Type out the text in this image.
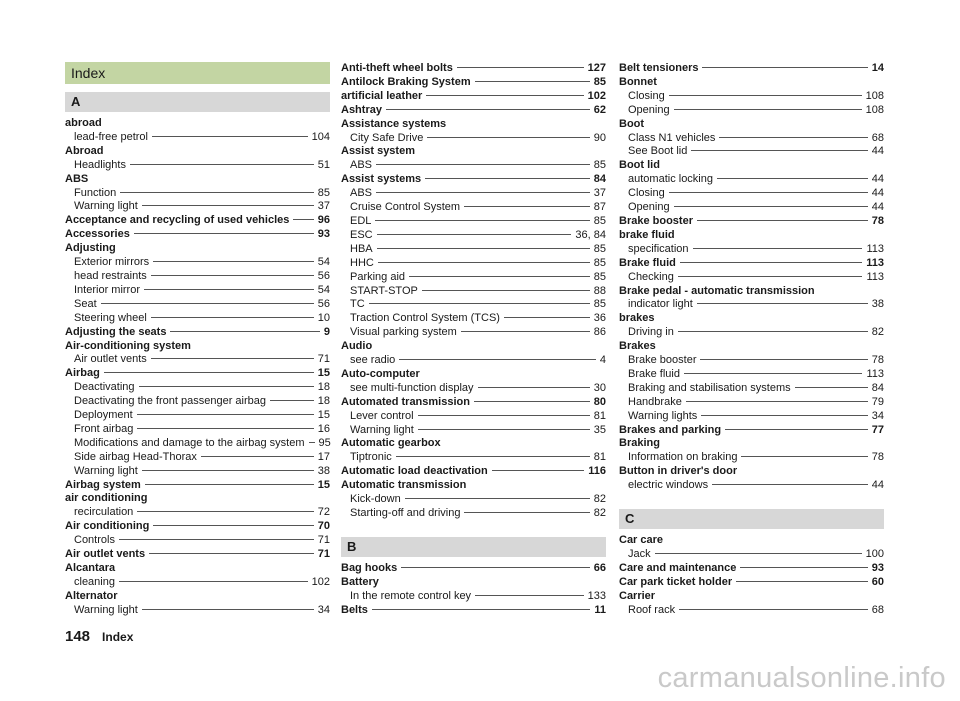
Index
A
abroad
lead-free petrol	104
Abroad
Headlights	51
ABS
Function	85
Warning light	37
Acceptance and recycling of used vehicles	96
Accessories	93
Adjusting
Exterior mirrors	54
head restraints	56
Interior mirror	54
Seat	56
Steering wheel	10
Adjusting the seats	9
Air-conditioning system
Air outlet vents	71
Airbag	15
Deactivating	18
Deactivating the front passenger airbag	18
Deployment	15
Front airbag	16
Modifications and damage to the airbag system 95
Side airbag Head-Thorax	17
Warning light	38
Airbag system	15
air conditioning
recirculation	72
Air conditioning	70
Controls	71
Air outlet vents	71
Alcantara
cleaning	102
Alternator
Warning light	34
Anti-theft wheel bolts	127
Antilock Braking System	85
artificial leather	102
Ashtray	62
Assistance systems
City Safe Drive	90
Assist system
ABS	85
Assist systems	84
ABS	37
Cruise Control System	87
EDL	85
ESC	36, 84
HBA	85
HHC	85
Parking aid	85
START-STOP	88
TC	85
Traction Control System (TCS)	36
Visual parking system	86
Audio
see radio	4
Auto-computer
see multi-function display	30
Automated transmission	80
Lever control	81
Warning light	35
Automatic gearbox
Tiptronic	81
Automatic load deactivation	116
Automatic transmission
Kick-down	82
Starting-off and driving	82
B
Bag hooks	66
Battery
In the remote control key	133
Belts	11
Belt tensioners	14
Bonnet
Closing	108
Opening	108
Boot
Class N1 vehicles	68
See Boot lid	44
Boot lid
automatic locking	44
Closing	44
Opening	44
Brake booster	78
brake fluid
specification	113
Brake fluid	113
Checking	113
Brake pedal - automatic transmission
indicator light	38
brakes
Driving in	82
Brakes
Brake booster	78
Brake fluid	113
Braking and stabilisation systems	84
Handbrake	79
Warning lights	34
Brakes and parking	77
Braking
Information on braking	78
Button in driver's door
electric windows	44
C
Car care
Jack	100
Care and maintenance	93
Car park ticket holder	60
Carrier
Roof rack	68
148 Index
carmanualsonline.info
